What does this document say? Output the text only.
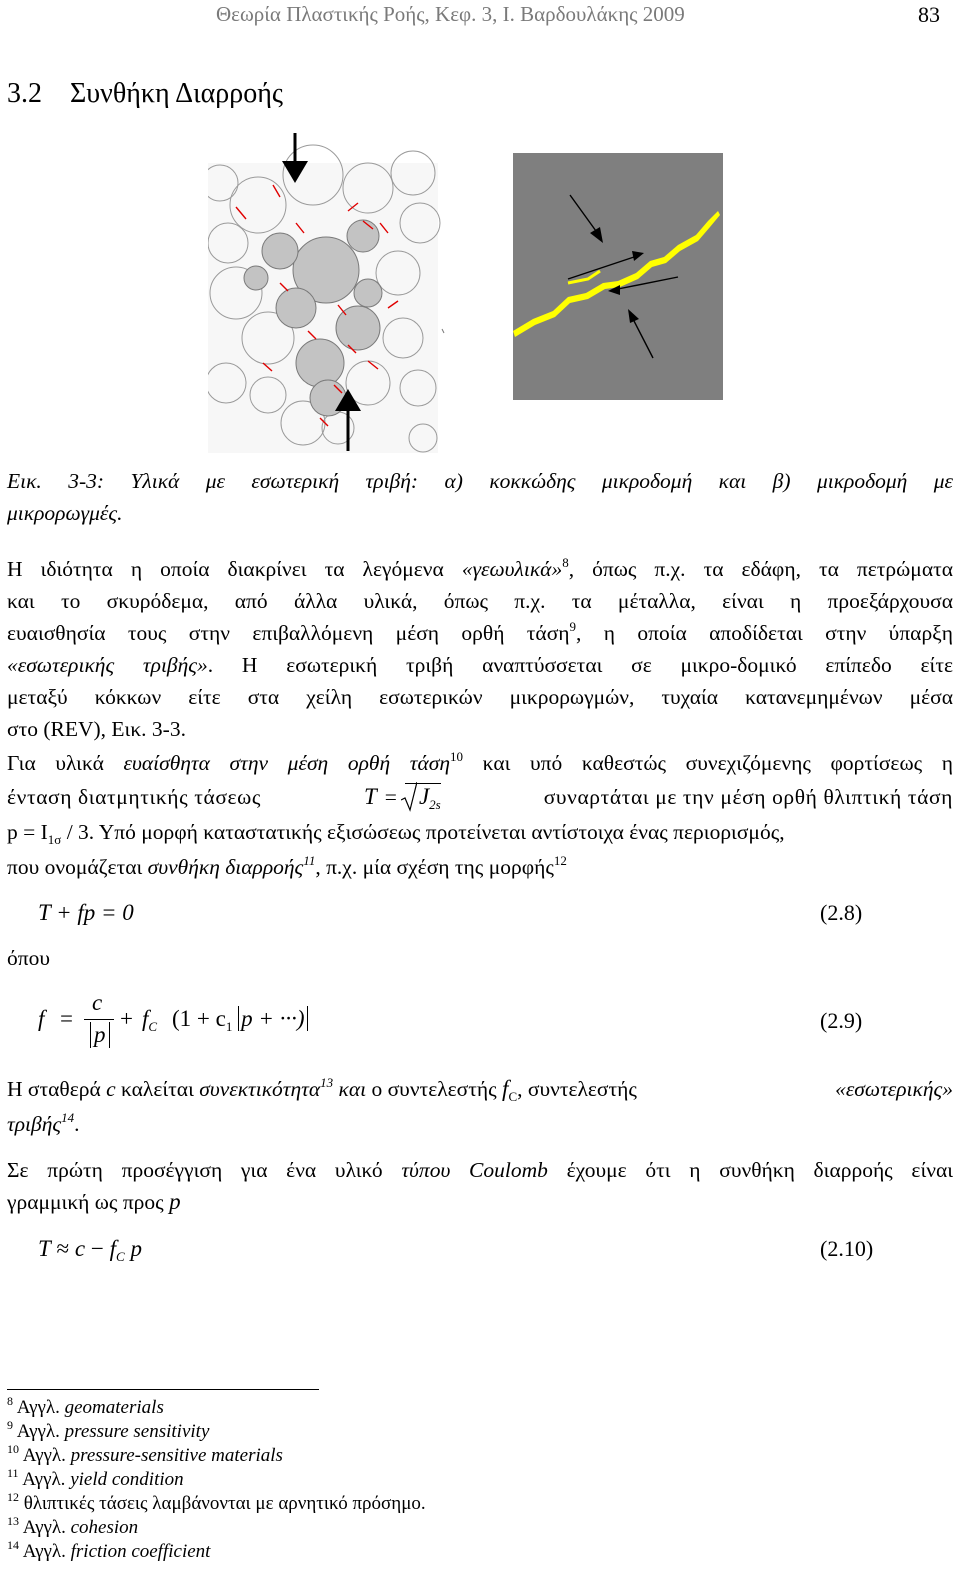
Θεωρία Πλαστικής Ροής, Κεφ. 3, Ι. Βαρδουλάκης 2009	83
3.2 Συνθήκη Διαρροής
Εικ. 3-3: Υλικά με εσωτερική τριβή: α) κοκκώδης μικροδομή και β) μικροδομή με
μικρορωγμές.
Η ιδιότητα η οποία διακρίνει τα λεγόμενα «γεωυλικά»$^8$, όπως π.χ. τα εδάφη, τα πετρώματα
και το σκυρόδεμα, από άλλα υλικά, όπως π.χ. τα μέταλλα, είναι η προεξάρχουσα
ευαισθησία τους στην επιβαλλόμενη μέση ορθή τάση$^9$, η οποία αποδίδεται στην ύπαρξη
«εσωτερικής τριβής». Η εσωτερική τριβή αναπτύσσεται σε μικρο-δομικό επίπεδο είτε
μεταξύ κόκκων είτε στα χείλη εσωτερικών μικρορωγμών, τυχαία κατανεμημένων μέσα
στο (REV), Εικ. 3-3.
Για υλικά ευαίσθητα στην μέση ορθή τάση$^{10}$ και υπό καθεστώς συνεχιζόμενης φορτίσεως η
ένταση διατμητικής τάσεως	$T = J_{2s}$	συναρτάται με την μέση ορθή θλιπτική τάση
$p = I_{1\sigma} / 3$. Υπό μορφή καταστατικής εξισώσεως προτείνεται αντίστοιχα ένας περιορισμός,
που ονομάζεται συνθήκη διαρροής$^{11}$, π.χ. μία σχέση της μορφής$^{12}$
T + fp = 0	(2.8)
όπου
f =
c
p
+ $f_C$ ($1 + c_1$ p + ···)	(2.9)
Η σταθερά c καλείται συνεκτικότητα$^{13}$ και ο συντελεστής $f_C$, συντελεστής	«εσωτερικής»
τριβής$^{14}$.
Σε πρώτη προσέγγιση για ένα υλικό τύπου Coulomb έχουμε ότι η συνθήκη διαρροής είναι
γραμμική ως προς p
$T \approx c - f_C$ p	(2.10)
$^8$ Αγγλ. geomaterials
$^9$ Αγγλ. pressure sensitivity
$^{10}$ Αγγλ. pressure-sensitive materials
$^{11}$ Αγγλ. yield condition
$^{12}$ θλιπτικές τάσεις λαμβάνονται με αρνητικό πρόσημο.
$^{13}$ Αγγλ. cohesion
$^{14}$ Αγγλ. friction coefficient
